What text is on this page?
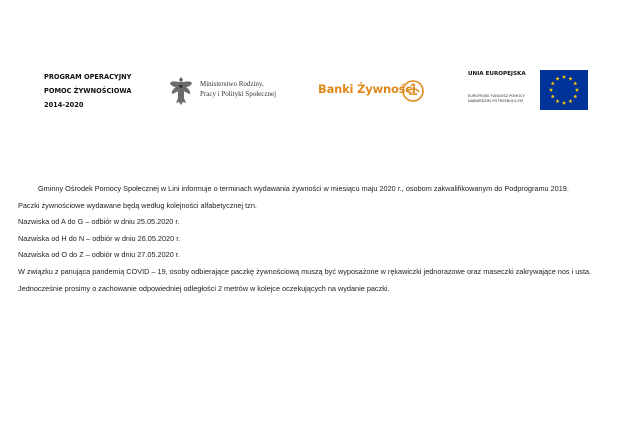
PROGRAM OPERACYJNY
POMOC ŻYWNOŚCIOWA
2014-2020
Ministerstwo Rodziny,
Pracy i Polityki Społecznej	Banki Żywności
UNIA EUROPEJSKA
EUROPEJSKI FUNDUSZ POMOCY
NAJBARDZIEJ POTRZEBUJĄCYM

Gminny Ośrodek Pomocy Społecznej w Lini informuje o terminach wydawania żywności w miesiącu maju 2020 r., osobom zakwalifikowanym do Podprogramu 2019.

Paczki żywnościowe wydawane będą według kolejności alfabetycznej tzn.

Nazwiska od A do G – odbiór w dniu 25.05.2020 r.

Nazwiska od H do N – odbiór w dniu 26.05.2020 r.

Nazwiska od O do Z – odbiór w dniu 27.05.2020 r.

W związku z panująca pandemią COVID – 19, osoby odbierające paczkę żywnościową muszą być wyposażone w rękawiczki jednorazowe oraz maseczki zakrywające nos i usta.

Jednocześnie prosimy o zachowanie odpowiedniej odległości 2 metrów w kolejce oczekujących na wydanie paczki.
